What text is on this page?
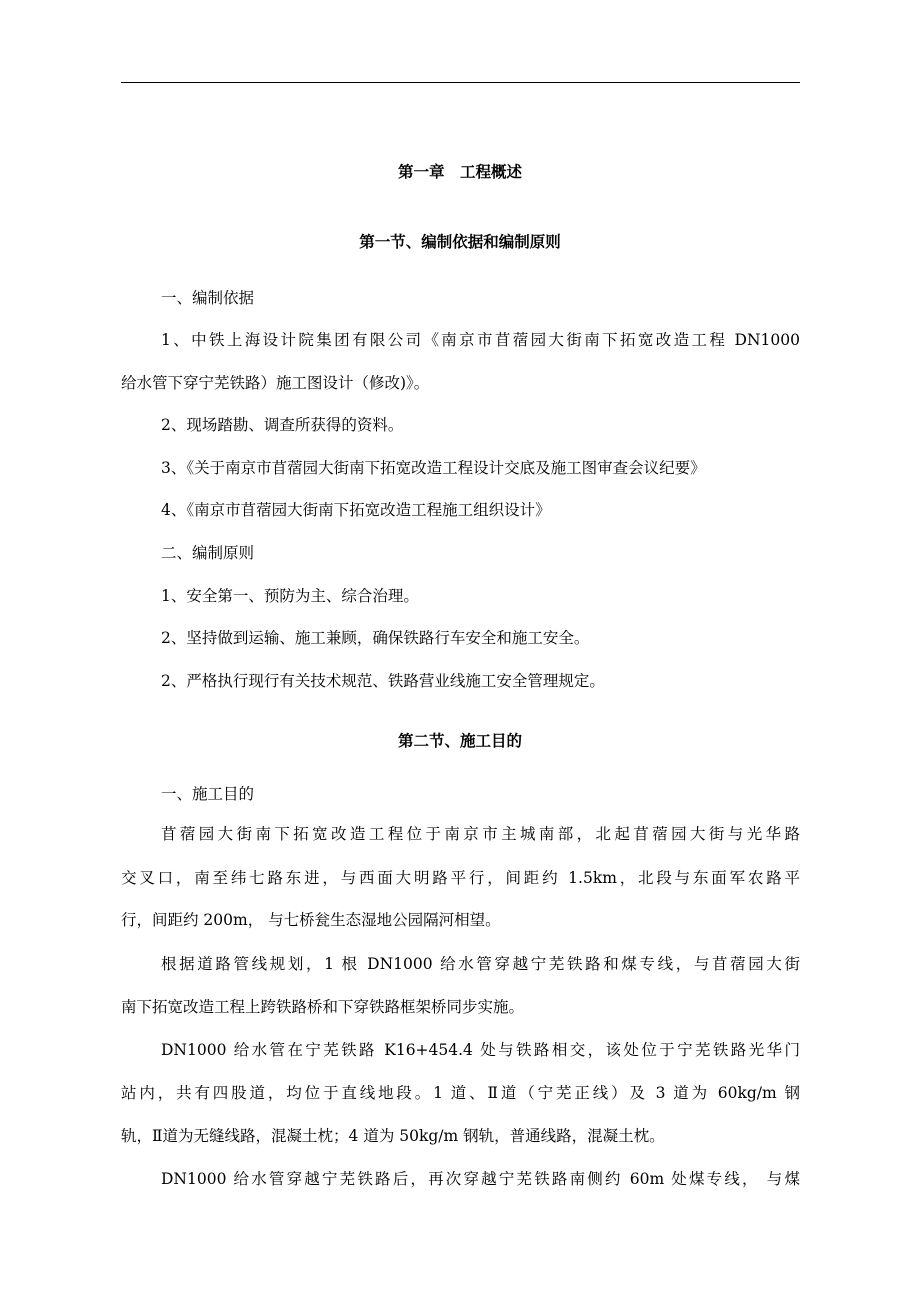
第一章　工程概述
第一节、编制依据和编制原则
一、编制依据
1、中铁上海设计院集团有限公司《南京市苜蓿园大街南下拓宽改造工程 DN1000
给水管下穿宁芜铁路）施工图设计（修改)》。
2、现场踏勘、调查所获得的资料。
3、《关于南京市苜蓿园大街南下拓宽改造工程设计交底及施工图审查会议纪要》
4、《南京市苜蓿园大街南下拓宽改造工程施工组织设计》
二、编制原则
1、安全第一、预防为主、综合治理。
2、坚持做到运输、施工兼顾，确保铁路行车安全和施工安全。
2、严格执行现行有关技术规范、铁路营业线施工安全管理规定。
第二节、施工目的
一、施工目的
苜蓿园大街南下拓宽改造工程位于南京市主城南部，北起苜蓿园大街与光华路
交叉口，南至纬七路东进，与西面大明路平行，间距约 1.5km，北段与东面军农路平
行，间距约 200m， 与七桥瓮生态湿地公园隔河相望。
根据道路管线规划，1 根 DN1000 给水管穿越宁芜铁路和煤专线，与苜蓿园大街
南下拓宽改造工程上跨铁路桥和下穿铁路框架桥同步实施。
DN1000 给水管在宁芜铁路 K16+454.4 处与铁路相交，该处位于宁芜铁路光华门
站内，共有四股道，均位于直线地段。1 道、Ⅱ道（宁芜正线）及 3 道为 60kg/m 钢
轨，Ⅱ道为无缝线路，混凝土枕；4 道为 50kg/m 钢轨，普通线路，混凝土枕。
DN1000 给水管穿越宁芜铁路后，再次穿越宁芜铁路南侧约 60m 处煤专线， 与煤
